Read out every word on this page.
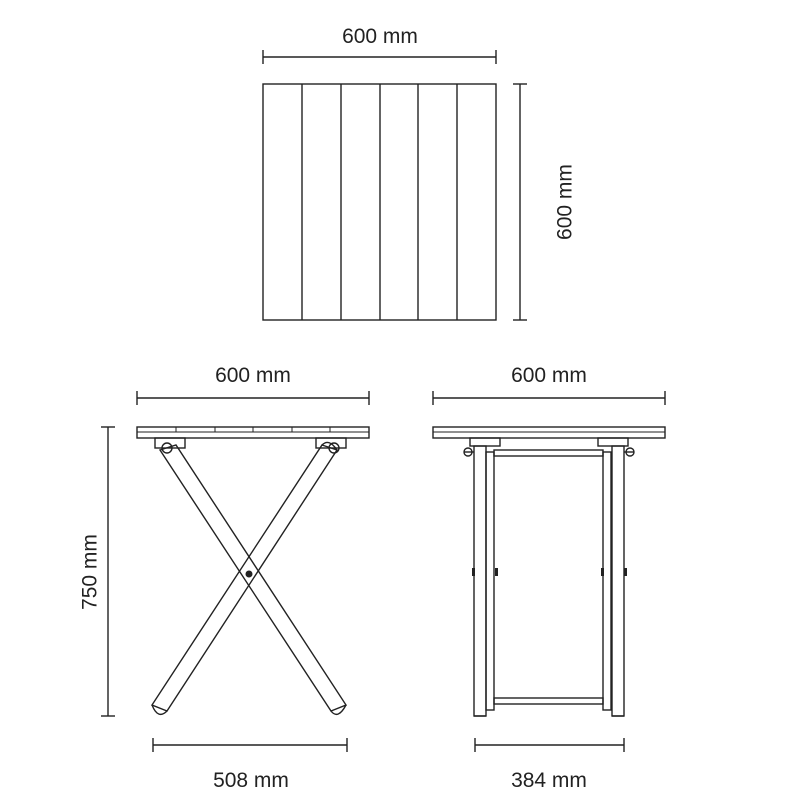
600 mm
600 mm
600 mm
750 mm
508 mm
600 mm
384 mm
